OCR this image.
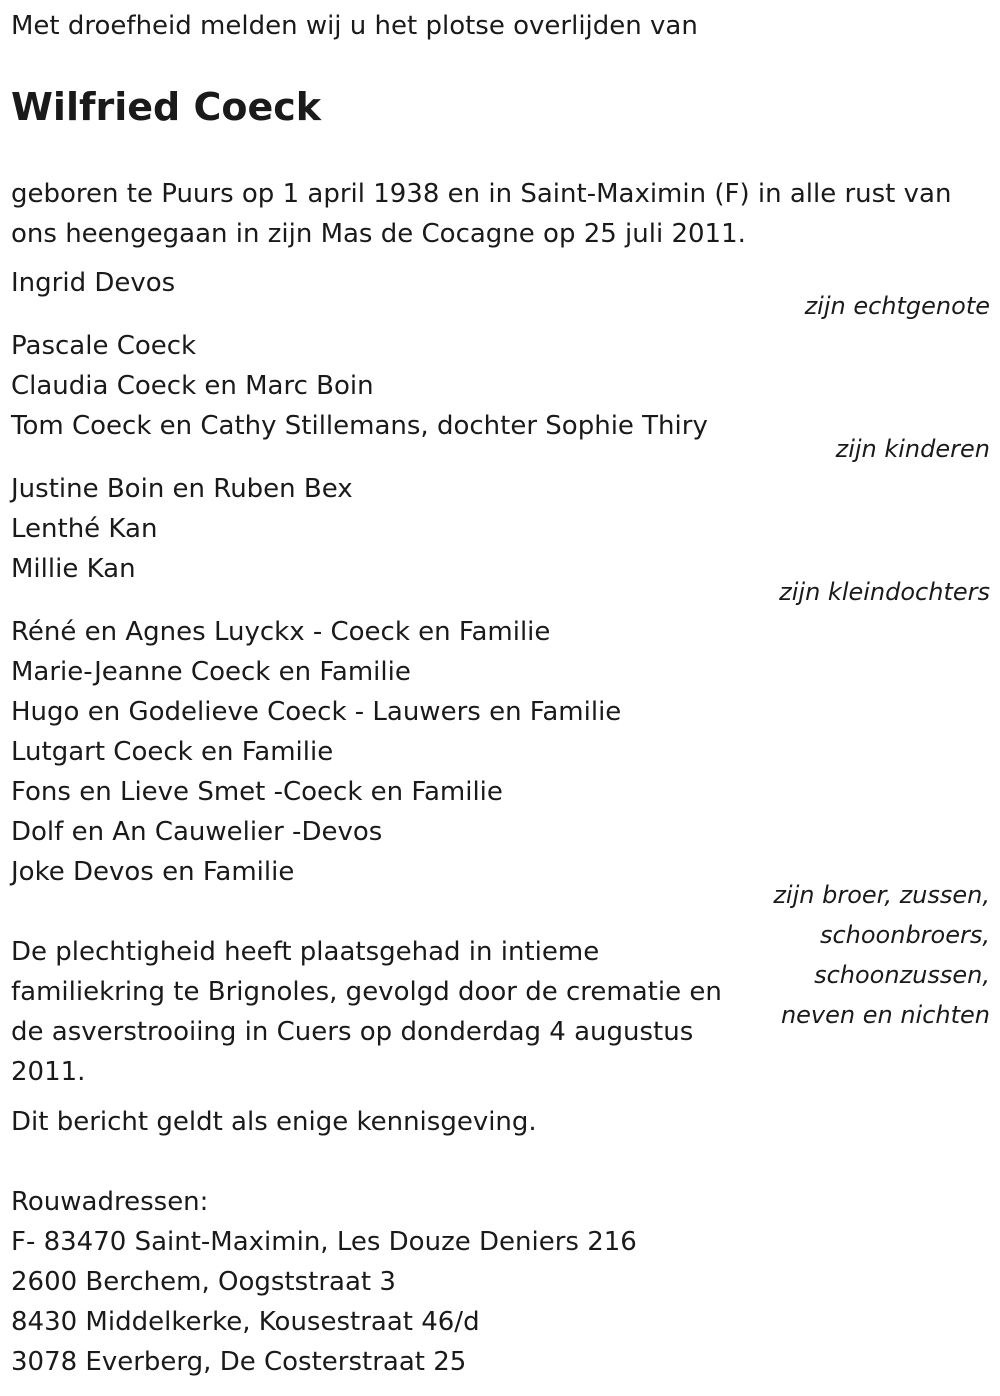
Met droefheid melden wij u het plotse overlijden van
Wilfried Coeck
geboren te Puurs op 1 april 1938 en in Saint-Maximin (F) in alle rust van ons heengegaan in zijn Mas de Cocagne op 25 juli 2011.
Ingrid Devos
zijn echtgenote
Pascale Coeck
Claudia Coeck en Marc Boin
Tom Coeck en Cathy Stillemans, dochter Sophie Thiry
zijn kinderen
Justine Boin en Ruben Bex
Lenthé Kan
Millie Kan
zijn kleindochters
Réné en Agnes Luyckx - Coeck en Familie
Marie-Jeanne Coeck en Familie
Hugo en Godelieve Coeck - Lauwers en Familie
Lutgart Coeck en Familie
Fons en Lieve Smet -Coeck en Familie
Dolf en An Cauwelier -Devos
Joke Devos en Familie
zijn broer, zussen,
schoonbroers,
schoonzussen,
neven en nichten
De plechtigheid heeft plaatsgehad in intieme familiekring te Brignoles, gevolgd door de crematie en de asverstrooiing in Cuers op donderdag 4 augustus 2011.
Dit bericht geldt als enige kennisgeving.
Rouwadressen:
F- 83470 Saint-Maximin, Les Douze Deniers 216
2600 Berchem, Oogststraat 3
8430 Middelkerke, Kousestraat 46/d
3078 Everberg, De Costerstraat 25
